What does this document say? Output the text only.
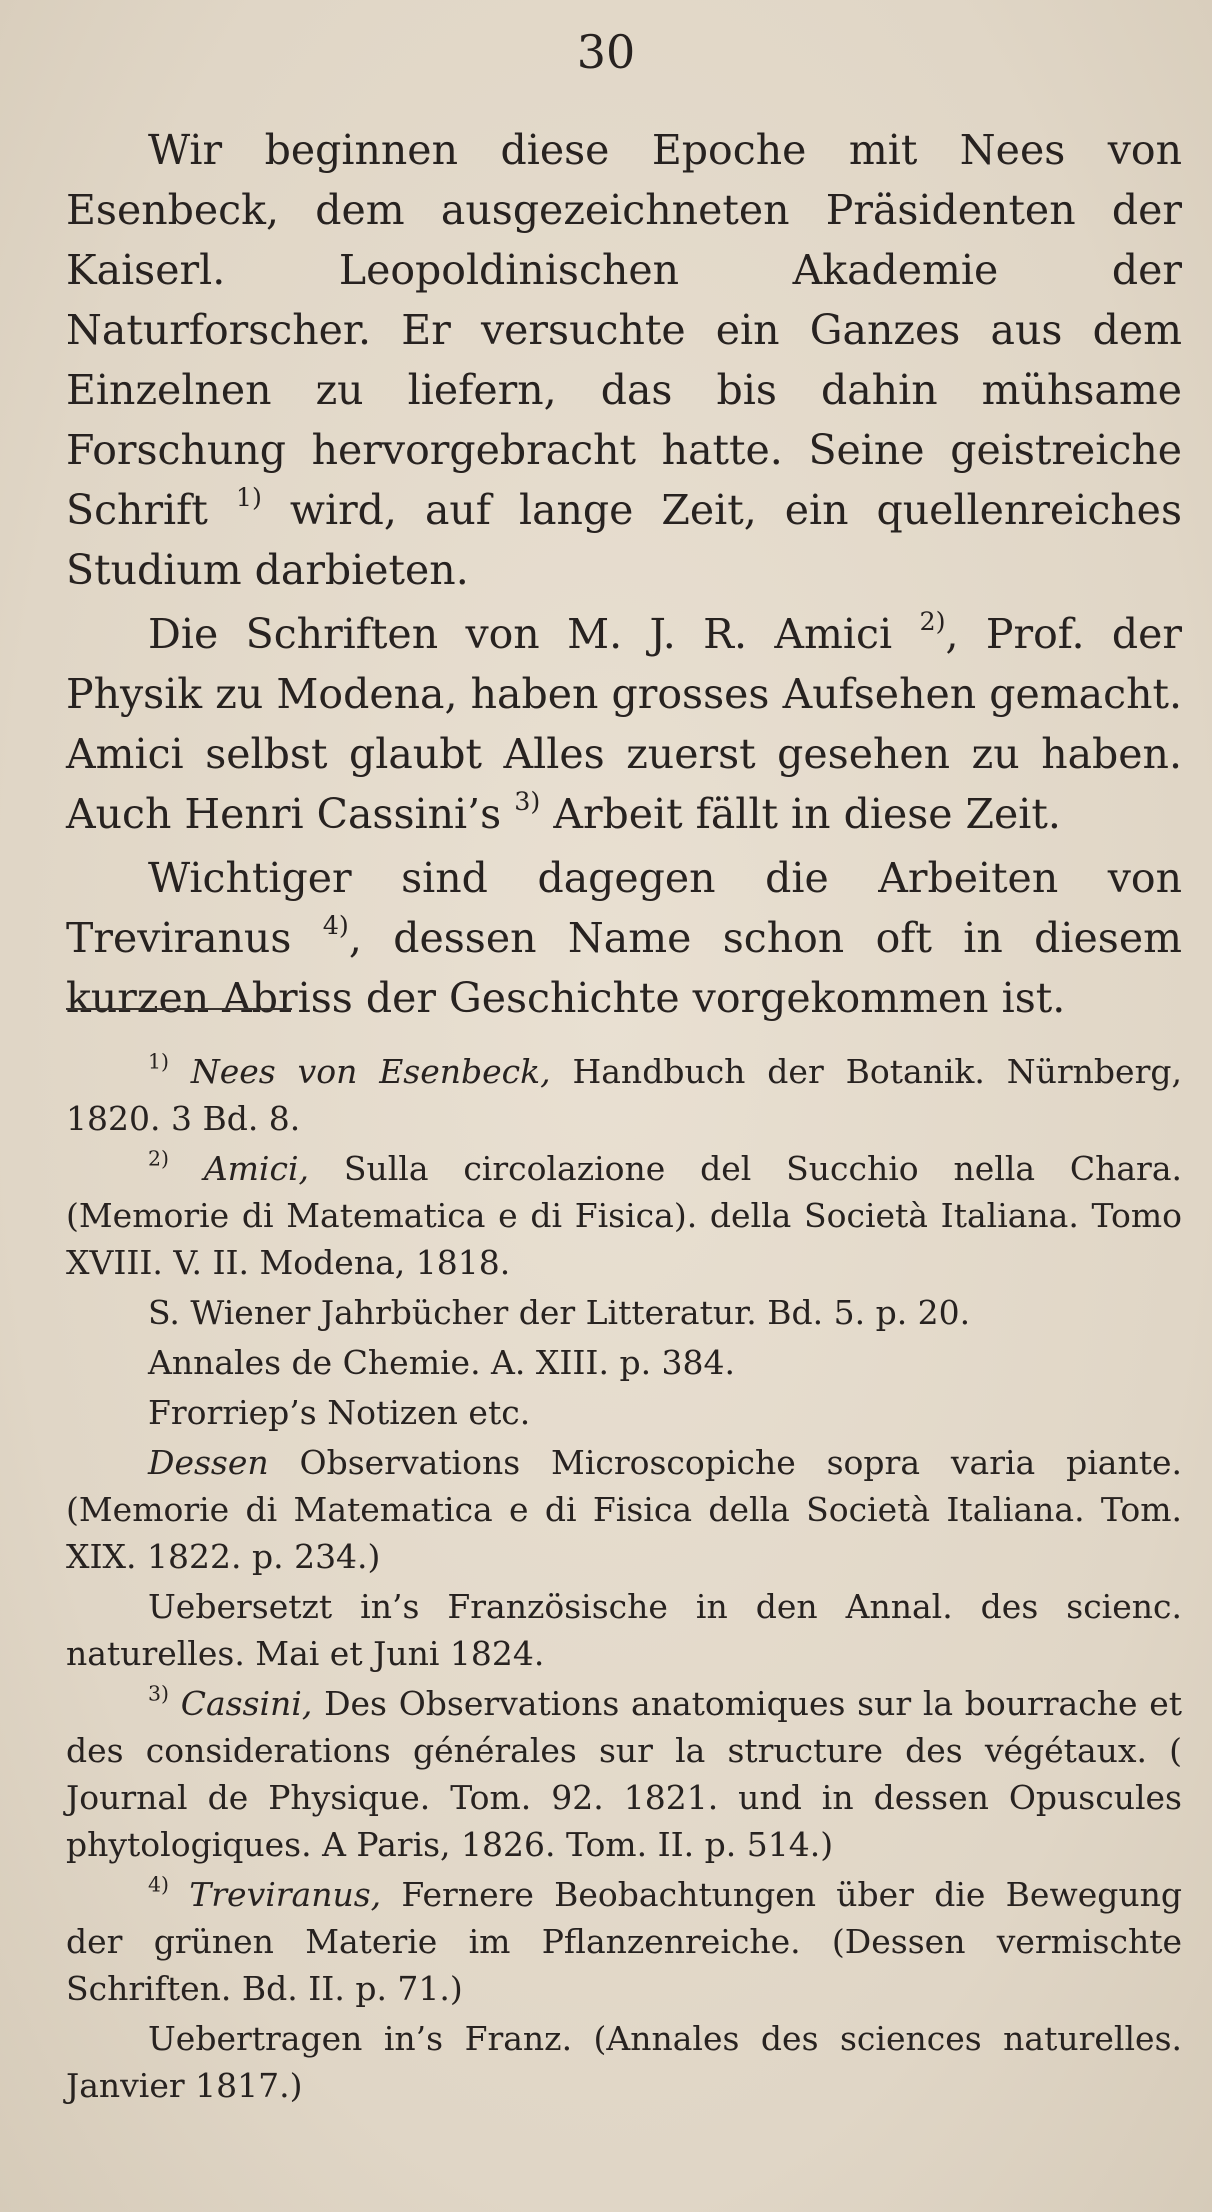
30

Wir beginnen diese Epoche mit Nees von Esenbeck, dem ausgezeichneten Präsidenten der Kaiserl. Leopoldinischen Akademie der Naturforscher. Er versuchte ein Ganzes aus dem Einzelnen zu liefern, das bis dahin mühsame Forschung hervorgebracht hatte. Seine geistreiche Schrift $^{1)}$ wird, auf lange Zeit, ein quellenreiches Studium darbieten.

Die Schriften von M. J. R. Amici $^{2)}$, Prof. der Physik zu Modena, haben grosses Aufsehen gemacht. Amici selbst glaubt Alles zuerst gesehen zu haben. Auch Henri Cassini’s $^{3)}$ Arbeit fällt in diese Zeit.

Wichtiger sind dagegen die Arbeiten von Treviranus $^{4)}$, dessen Name schon oft in diesem kurzen Abriss der Geschichte vorgekommen ist.

$^{1)}$ Nees von Esenbeck, Handbuch der Botanik. Nürnberg, 1820. 3 Bd. 8.

$^{2)}$ Amici, Sulla circolazione del Succhio nella Chara. (Memorie di Matematica e di Fisica). della Società Italiana. Tomo XVIII. V. II. Modena, 1818.

S. Wiener Jahrbücher der Litteratur. Bd. 5. p. 20.

Annales de Chemie. A. XIII. p. 384.

Frorriep’s Notizen etc.

Dessen Observations Microscopiche sopra varia piante. (Memorie di Matematica e di Fisica della Società Italiana. Tom. XIX. 1822. p. 234.)

Uebersetzt in’s Französische in den Annal. des scienc. naturelles. Mai et Juni 1824.

$^{3)}$ Cassini, Des Observations anatomiques sur la bourrache et des considerations générales sur la structure des végétaux. ( Journal de Physique. Tom. 92. 1821. und in dessen Opuscules phytologiques. A Paris, 1826. Tom. II. p. 514.)

$^{4)}$ Treviranus, Fernere Beobachtungen über die Bewegung der grünen Materie im Pflanzenreiche. (Dessen vermischte Schriften. Bd. II. p. 71.)

Uebertragen in’s Franz. (Annales des sciences naturelles. Janvier 1817.)
